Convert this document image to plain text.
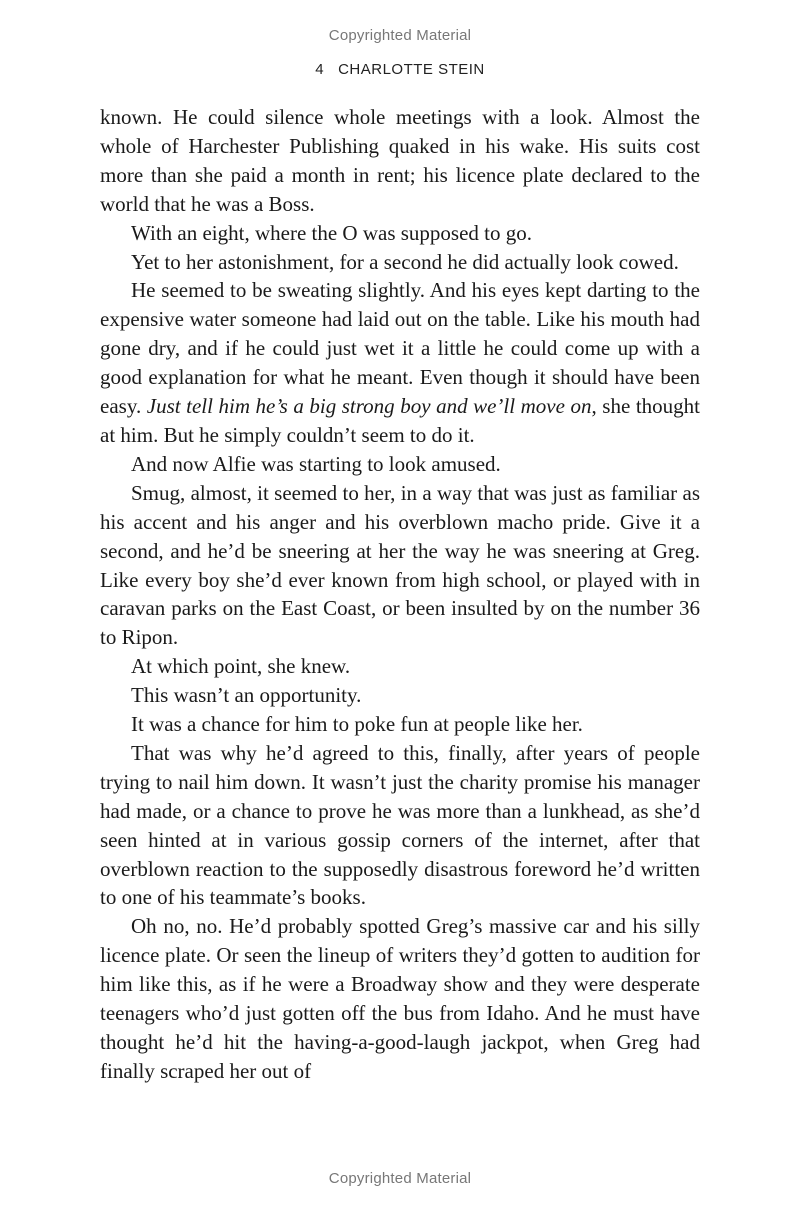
Copyrighted Material
4 CHARLOTTE STEIN

known. He could silence whole meetings with a look. Almost the whole of Harchester Publishing quaked in his wake. His suits cost more than she paid a month in rent; his licence plate declared to the world that he was a Boss.

With an eight, where the O was supposed to go.

Yet to her astonishment, for a second he did actually look cowed.

He seemed to be sweating slightly. And his eyes kept darting to the expensive water someone had laid out on the table. Like his mouth had gone dry, and if he could just wet it a little he could come up with a good explanation for what he meant. Even though it should have been easy. Just tell him he’s a big strong boy and we’ll move on, she thought at him. But he simply couldn’t seem to do it.

And now Alfie was starting to look amused.

Smug, almost, it seemed to her, in a way that was just as familiar as his accent and his anger and his overblown macho pride. Give it a second, and he’d be sneering at her the way he was sneering at Greg. Like every boy she’d ever known from high school, or played with in caravan parks on the East Coast, or been insulted by on the number 36 to Ripon.

At which point, she knew.

This wasn’t an opportunity.

It was a chance for him to poke fun at people like her.

That was why he’d agreed to this, finally, after years of people trying to nail him down. It wasn’t just the charity promise his manager had made, or a chance to prove he was more than a lunkhead, as she’d seen hinted at in various gossip corners of the internet, after that overblown reaction to the supposedly disastrous foreword he’d written to one of his teammate’s books.

Oh no, no. He’d probably spotted Greg’s massive car and his silly licence plate. Or seen the lineup of writers they’d gotten to audition for him like this, as if he were a Broadway show and they were desperate teenagers who’d just gotten off the bus from Idaho. And he must have thought he’d hit the having-a-good-laugh jackpot, when Greg had finally scraped her out of

Copyrighted Material
